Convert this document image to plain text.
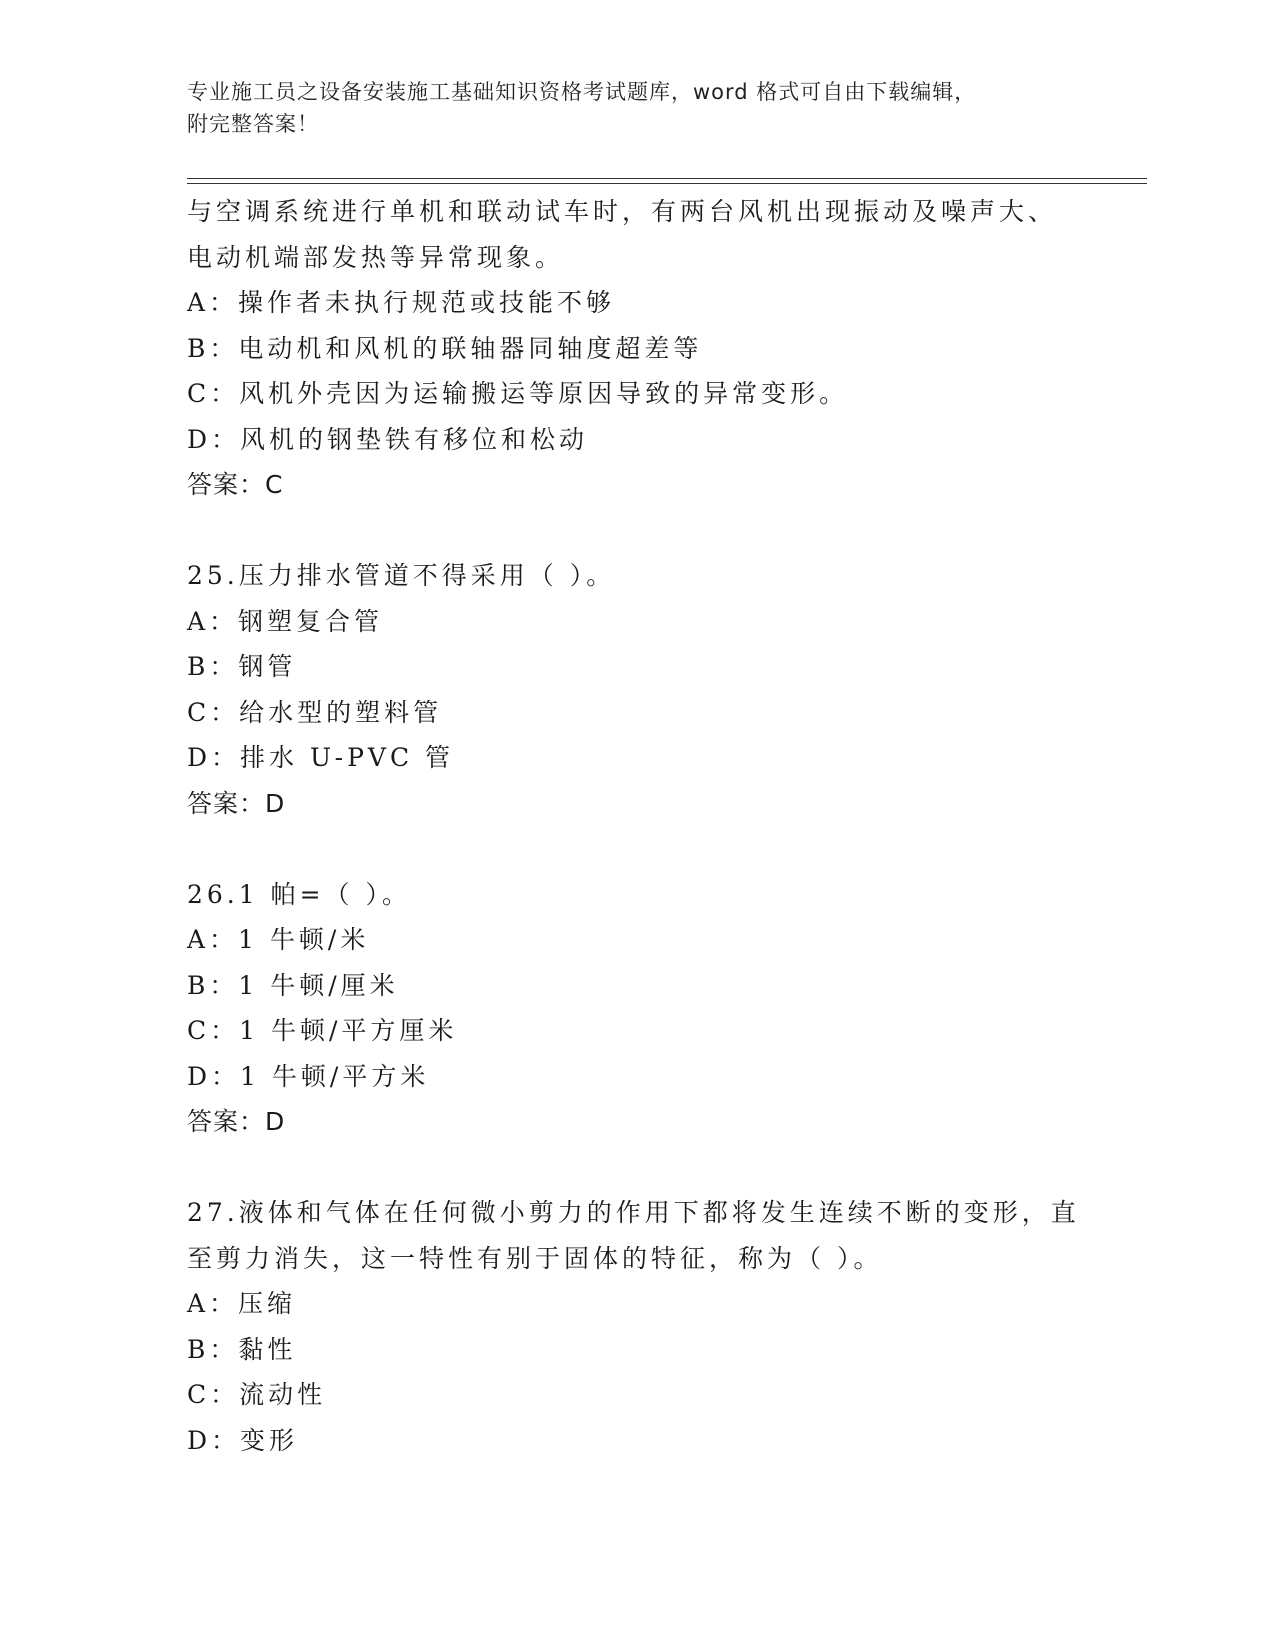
专业施工员之设备安装施工基础知识资格考试题库，word 格式可自由下载编辑，
附完整答案！
与空调系统进行单机和联动试车时，有两台风机出现振动及噪声大、
电动机端部发热等异常现象。
A：操作者未执行规范或技能不够
B：电动机和风机的联轴器同轴度超差等
C：风机外壳因为运输搬运等原因导致的异常变形。
D：风机的钢垫铁有移位和松动
答案：C
25.压力排水管道不得采用（ ）。
A：钢塑复合管
B：钢管
C：给水型的塑料管
D：排水 U-PVC 管
答案：D
26.1 帕=（ ）。
A：1 牛顿/米
B：1 牛顿/厘米
C：1 牛顿/平方厘米
D：1 牛顿/平方米
答案：D
27.液体和气体在任何微小剪力的作用下都将发生连续不断的变形，直
至剪力消失，这一特性有别于固体的特征，称为（ ）。
A：压缩
B：黏性
C：流动性
D：变形
